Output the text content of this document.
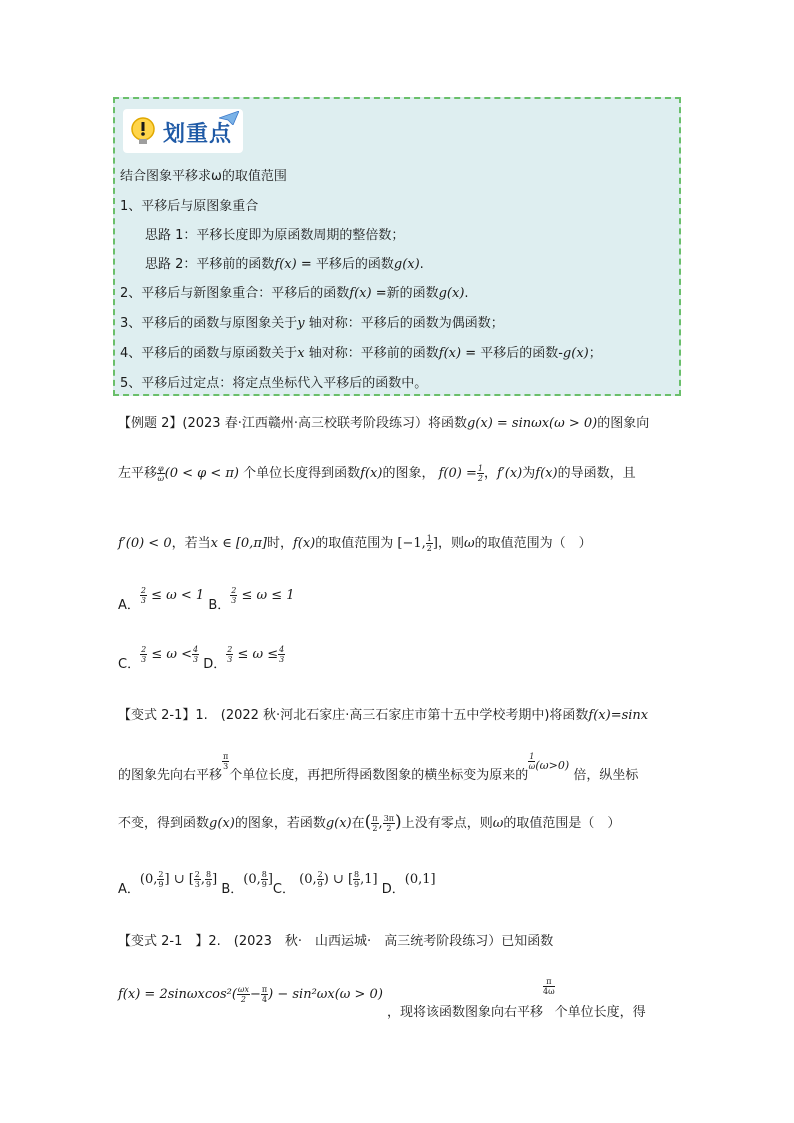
划重点
结合图象平移求ω的取值范围
1、平移后与原图象重合
思路 1：平移长度即为原函数周期的整倍数；
思路 2：平移前的函数f(x) = 平移后的函数g(x).
2、平移后与新图象重合：平移后的函数f(x) =新的函数g(x).
3、平移后的函数与原图象关于y 轴对称：平移后的函数为偶函数；
4、平移后的函数与原函数关于x 轴对称：平移前的函数f(x) = 平移后的函数-g(x)；
5、平移后过定点：将定点坐标代入平移后的函数中。
【例题 2】(2023 春·江西赣州·高三校联考阶段练习）将函数g(x) = sinωx(ω > 0)的图象向
左平移 $\frac{\varphi}{\omega} (0 < \varphi < \pi)$ 个单位长度得到函数f(x)的图象， $f(0) = \frac{1}{2}$ ，f′(x)为f(x)的导函数，且
f′(0) < 0，若当x ∈ [0,π]时，f(x)的取值范围为 [−1, $\frac{1}{2}$ ]，则ω的取值范围为（　）
A．
$\frac{2}{3} \le \omega < 1$ B．
$\frac{2}{3} \le \omega \le 1$
C．
$\frac{2}{3} \le \omega < \frac{4}{3}$
D．
$\frac{2}{3} \le \omega \le \frac{4}{3}$
【变式 2-1】1.　(2022 秋·河北石家庄·高三石家庄市第十五中学校考期中)将函数f(x)=sinx
的图象先向右平移
$\frac{\pi}{3}$
个单位长度，再把所得函数图象的横坐标变为原来的
$\frac{1}{\omega} ^{(\omega>0)}$ 倍，纵坐标
不变，得到函数g(x)的图象，若函数g(x)在( $\frac{\pi}{2}$ , $\frac{3\pi}{2}$ )上没有零点，则ω的取值范围是（　）
A．(0, $\frac{2}{9}$ ] ∪ [ $\frac{2}{3}$ , $\frac{8}{9}$ ] B．(0, $\frac{8}{9} ]C$． (0, $\frac{2}{9}$ ) ∪ [ $\frac{8}{9} ,1$] D．(0,1]
【变式 2-1　】2.　(2023　秋·　山西运城·　高三统考阶段练习）已知函数
$f(x) = 2\sin\omega xcos^2( \frac{\omega x}{2} - \frac{\pi}{4}$ ) − sin²ωx(ω > 0) ，现将该函数图象向右平移
$\frac{\pi}{4\omega}$
个单位长度，得
